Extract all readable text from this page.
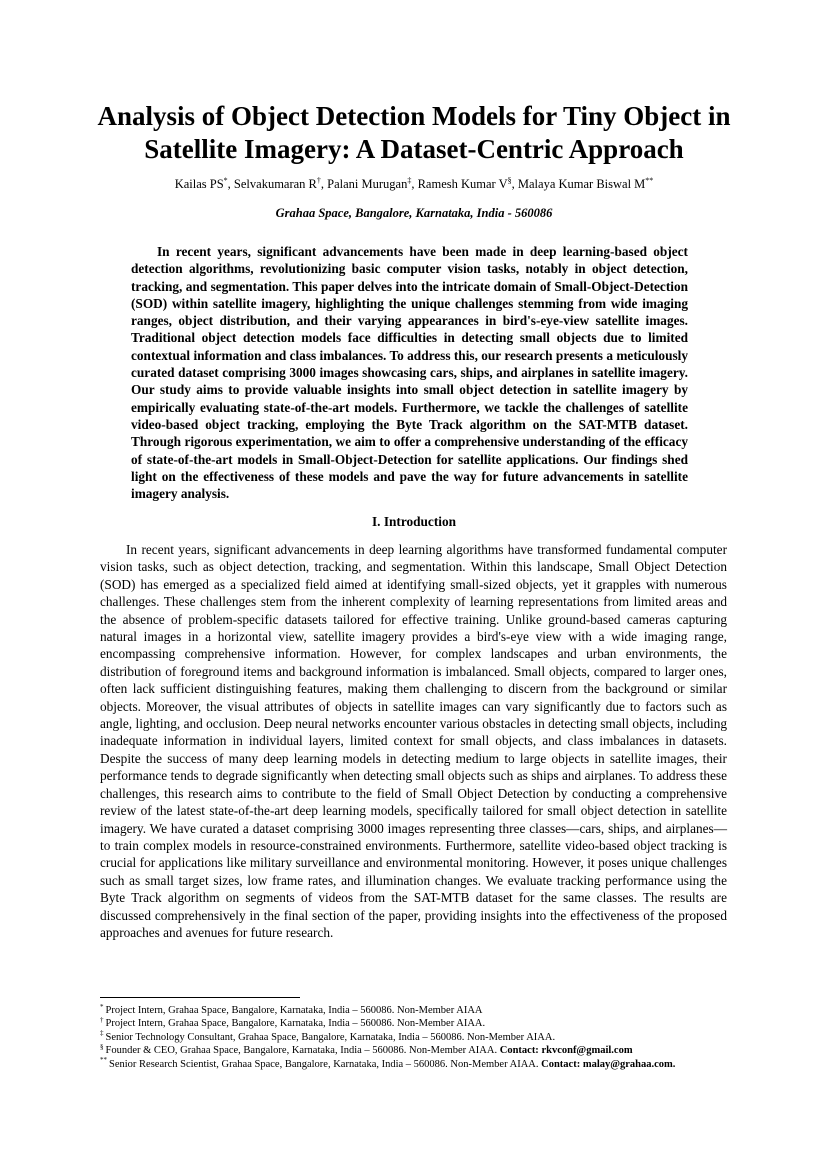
Analysis of Object Detection Models for Tiny Object in Satellite Imagery: A Dataset-Centric Approach
Kailas PS*, Selvakumaran R†, Palani Murugan‡, Ramesh Kumar V§, Malaya Kumar Biswal M**
Grahaa Space, Bangalore, Karnataka, India - 560086

In recent years, significant advancements have been made in deep learning-based object detection algorithms, revolutionizing basic computer vision tasks, notably in object detection, tracking, and segmentation. This paper delves into the intricate domain of Small-Object-Detection (SOD) within satellite imagery, highlighting the unique challenges stemming from wide imaging ranges, object distribution, and their varying appearances in bird's-eye-view satellite images. Traditional object detection models face difficulties in detecting small objects due to limited contextual information and class imbalances. To address this, our research presents a meticulously curated dataset comprising 3000 images showcasing cars, ships, and airplanes in satellite imagery. Our study aims to provide valuable insights into small object detection in satellite imagery by empirically evaluating state-of-the-art models. Furthermore, we tackle the challenges of satellite video-based object tracking, employing the Byte Track algorithm on the SAT-MTB dataset. Through rigorous experimentation, we aim to offer a comprehensive understanding of the efficacy of state-of-the-art models in Small-Object-Detection for satellite applications. Our findings shed light on the effectiveness of these models and pave the way for future advancements in satellite imagery analysis.

I. Introduction

In recent years, significant advancements in deep learning algorithms have transformed fundamental computer vision tasks, such as object detection, tracking, and segmentation. Within this landscape, Small Object Detection (SOD) has emerged as a specialized field aimed at identifying small-sized objects, yet it grapples with numerous challenges. These challenges stem from the inherent complexity of learning representations from limited areas and the absence of problem-specific datasets tailored for effective training. Unlike ground-based cameras capturing natural images in a horizontal view, satellite imagery provides a bird's-eye view with a wide imaging range, encompassing comprehensive information. However, for complex landscapes and urban environments, the distribution of foreground items and background information is imbalanced. Small objects, compared to larger ones, often lack sufficient distinguishing features, making them challenging to discern from the background or similar objects. Moreover, the visual attributes of objects in satellite images can vary significantly due to factors such as angle, lighting, and occlusion. Deep neural networks encounter various obstacles in detecting small objects, including inadequate information in individual layers, limited context for small objects, and class imbalances in datasets. Despite the success of many deep learning models in detecting medium to large objects in satellite images, their performance tends to degrade significantly when detecting small objects such as ships and airplanes. To address these challenges, this research aims to contribute to the field of Small Object Detection by conducting a comprehensive review of the latest state-of-the-art deep learning models, specifically tailored for small object detection in satellite imagery. We have curated a dataset comprising 3000 images representing three classes—cars, ships, and airplanes—to train complex models in resource-constrained environments. Furthermore, satellite video-based object tracking is crucial for applications like military surveillance and environmental monitoring. However, it poses unique challenges such as small target sizes, low frame rates, and illumination changes. We evaluate tracking performance using the Byte Track algorithm on segments of videos from the SAT-MTB dataset for the same classes. The results are discussed comprehensively in the final section of the paper, providing insights into the effectiveness of the proposed approaches and avenues for future research.

* Project Intern, Grahaa Space, Bangalore, Karnataka, India – 560086. Non-Member AIAA
† Project Intern, Grahaa Space, Bangalore, Karnataka, India – 560086. Non-Member AIAA.
‡ Senior Technology Consultant, Grahaa Space, Bangalore, Karnataka, India – 560086. Non-Member AIAA.
§ Founder & CEO, Grahaa Space, Bangalore, Karnataka, India – 560086. Non-Member AIAA. Contact: rkvconf@gmail.com
** Senior Research Scientist, Grahaa Space, Bangalore, Karnataka, India – 560086. Non-Member AIAA. Contact: malay@grahaa.com.
